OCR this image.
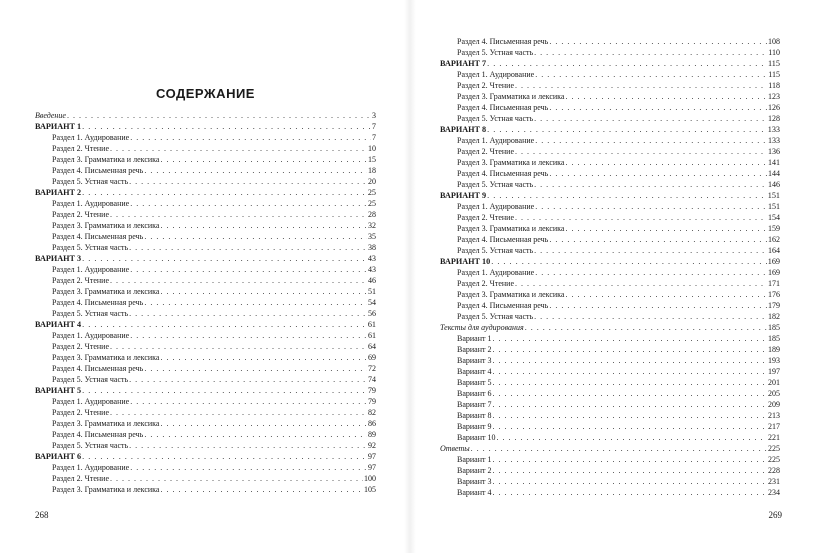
СОДЕРЖАНИЕ
Введение . . .	3
ВАРИАНТ 1 . . .	7
Раздел 1. Аудирование . . .	7
Раздел 2. Чтение . . .	10
Раздел 3. Грамматика и лексика . . .	15
Раздел 4. Письменная речь . . .	18
Раздел 5. Устная часть . . .	20
ВАРИАНТ 2 . . .	25
Раздел 1. Аудирование . . .	25
Раздел 2. Чтение . . .	28
Раздел 3. Грамматика и лексика . . .	32
Раздел 4. Письменная речь . . .	35
Раздел 5. Устная часть . . .	38
ВАРИАНТ 3 . . .	43
Раздел 1. Аудирование . . .	43
Раздел 2. Чтение . . .	46
Раздел 3. Грамматика и лексика . . .	51
Раздел 4. Письменная речь . . .	54
Раздел 5. Устная часть . . .	56
ВАРИАНТ 4 . . .	61
Раздел 1. Аудирование . . .	61
Раздел 2. Чтение . . .	64
Раздел 3. Грамматика и лексика . . .	69
Раздел 4. Письменная речь . . .	72
Раздел 5. Устная часть . . .	74
ВАРИАНТ 5 . . .	79
Раздел 1. Аудирование . . .	79
Раздел 2. Чтение . . .	82
Раздел 3. Грамматика и лексика . . .	86
Раздел 4. Письменная речь . . .	89
Раздел 5. Устная часть . . .	92
ВАРИАНТ 6 . . .	97
Раздел 1. Аудирование . . .	97
Раздел 2. Чтение . . .	100
Раздел 3. Грамматика и лексика . . .	105
268
Раздел 4. Письменная речь . . .	108
Раздел 5. Устная часть . . .	110
ВАРИАНТ 7 . . .	115
Раздел 1. Аудирование . . .	115
Раздел 2. Чтение . . .	118
Раздел 3. Грамматика и лексика . . .	123
Раздел 4. Письменная речь . . .	126
Раздел 5. Устная часть . . .	128
ВАРИАНТ 8 . . .	133
Раздел 1. Аудирование . . .	133
Раздел 2. Чтение . . .	136
Раздел 3. Грамматика и лексика . . .	141
Раздел 4. Письменная речь . . .	144
Раздел 5. Устная часть . . .	146
ВАРИАНТ 9 . . .	151
Раздел 1. Аудирование . . .	151
Раздел 2. Чтение . . .	154
Раздел 3. Грамматика и лексика . . .	159
Раздел 4. Письменная речь . . .	162
Раздел 5. Устная часть . . .	164
ВАРИАНТ 10 . . .	169
Раздел 1. Аудирование . . .	169
Раздел 2. Чтение . . .	171
Раздел 3. Грамматика и лексика . . .	176
Раздел 4. Письменная речь . . .	179
Раздел 5. Устная часть . . .	182
Тексты для аудирования . . .	185
Вариант 1 . . .	185
Вариант 2 . . .	189
Вариант 3 . . .	193
Вариант 4 . . .	197
Вариант 5 . . .	201
Вариант 6 . . .	205
Вариант 7 . . .	209
Вариант 8 . . .	213
Вариант 9 . . .	217
Вариант 10 . . .	221
Ответы . . .	225
Вариант 1 . . .	225
Вариант 2 . . .	228
Вариант 3 . . .	231
Вариант 4 . . .	234
269
